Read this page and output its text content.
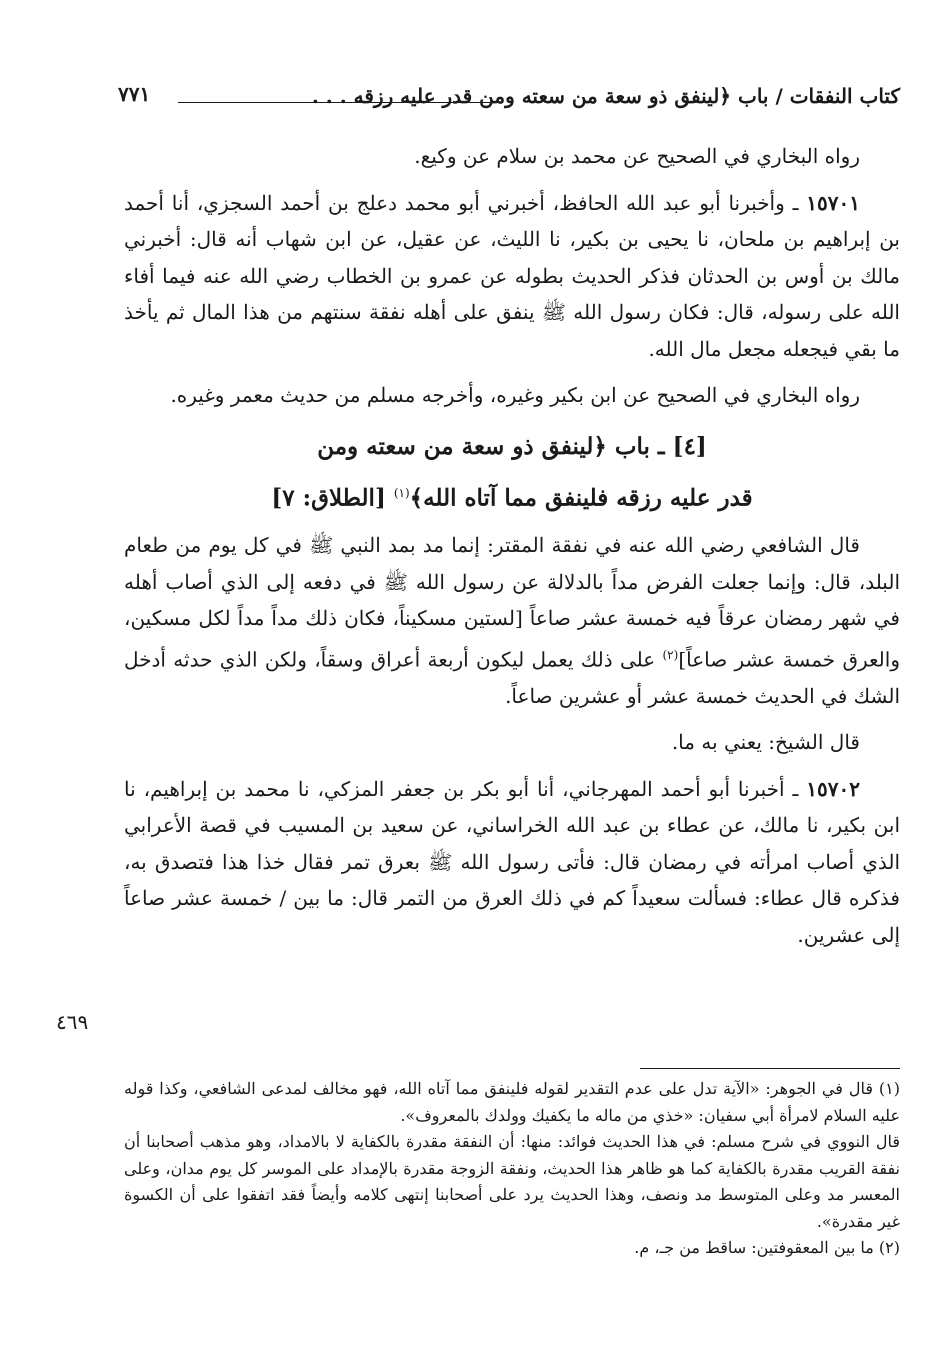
كتاب النفقات / باب ﴿لينفق ذو سعة من سعته ومن قدر عليه رزقه . . .
٧٧١

رواه البخاري في الصحيح عن محمد بن سلام عن وكيع.

١٥٧٠١ ـ وأخبرنا أبو عبد الله الحافظ، أخبرني أبو محمد دعلج بن أحمد السجزي، أنا أحمد بن إبراهيم بن ملحان، نا يحيى بن بكير، نا الليث، عن عقيل، عن ابن شهاب أنه قال: أخبرني مالك بن أوس بن الحدثان فذكر الحديث بطوله عن عمرو بن الخطاب رضي الله عنه فيما أفاء الله على رسوله، قال: فكان رسول الله ﷺ ينفق على أهله نفقة سنتهم من هذا المال ثم يأخذ ما بقي فيجعله مجعل مال الله.

رواه البخاري في الصحيح عن ابن بكير وغيره، وأخرجه مسلم من حديث معمر وغيره.

[٤] ـ باب ﴿لينفق ذو سعة من سعته ومن
قدر عليه رزقه فلينفق مما آتاه الله﴾$^{(١)}$ [الطلاق: ٧]

قال الشافعي رضي الله عنه في نفقة المقتر: إنما مد بمد النبي ﷺ في كل يوم من طعام البلد، قال: وإنما جعلت الفرض مداً بالدلالة عن رسول الله ﷺ في دفعه إلى الذي أصاب أهله في شهر رمضان عرقاً فيه خمسة عشر صاعاً [لستين مسكيناً، فكان ذلك مداً مداً لكل مسكين، والعرق خمسة عشر صاعاً]$^{(٢)}$ على ذلك يعمل ليكون أربعة أعراق وسقاً، ولكن الذي حدثه أدخل الشك في الحديث خمسة عشر أو عشرين صاعاً.

قال الشيخ: يعني به ما.

١٥٧٠٢ ـ أخبرنا أبو أحمد المهرجاني، أنا أبو بكر بن جعفر المزكي، نا محمد بن إبراهيم، نا ابن بكير، نا مالك، عن عطاء بن عبد الله الخراساني، عن سعيد بن المسيب في قصة الأعرابي الذي أصاب امرأته في رمضان قال: فأتى رسول الله ﷺ بعرق تمر فقال خذا هذا فتصدق به، فذكره قال عطاء: فسألت سعيداً كم في ذلك العرق من التمر قال: ما بين / خمسة عشر صاعاً إلى عشرين.

٤٦٩

(١) قال في الجوهر: «الآية تدل على عدم التقدير لقوله فلينفق مما آتاه الله، فهو مخالف لمدعى الشافعي، وكذا قوله عليه السلام لامرأة أبي سفيان: «خذي من ماله ما يكفيك وولدك بالمعروف».

قال النووي في شرح مسلم: في هذا الحديث فوائد: منها: أن النفقة مقدرة بالكفاية لا بالامداد، وهو مذهب أصحابنا أن نفقة القريب مقدرة بالكفاية كما هو ظاهر هذا الحديث، ونفقة الزوجة مقدرة بالإمداد على الموسر كل يوم مدان، وعلى المعسر مد وعلى المتوسط مد ونصف، وهذا الحديث يرد على أصحابنا إنتهى كلامه وأيضاً فقد اتفقوا على أن الكسوة غير مقدرة».

(٢) ما بين المعقوفتين: ساقط من جـ، م.
